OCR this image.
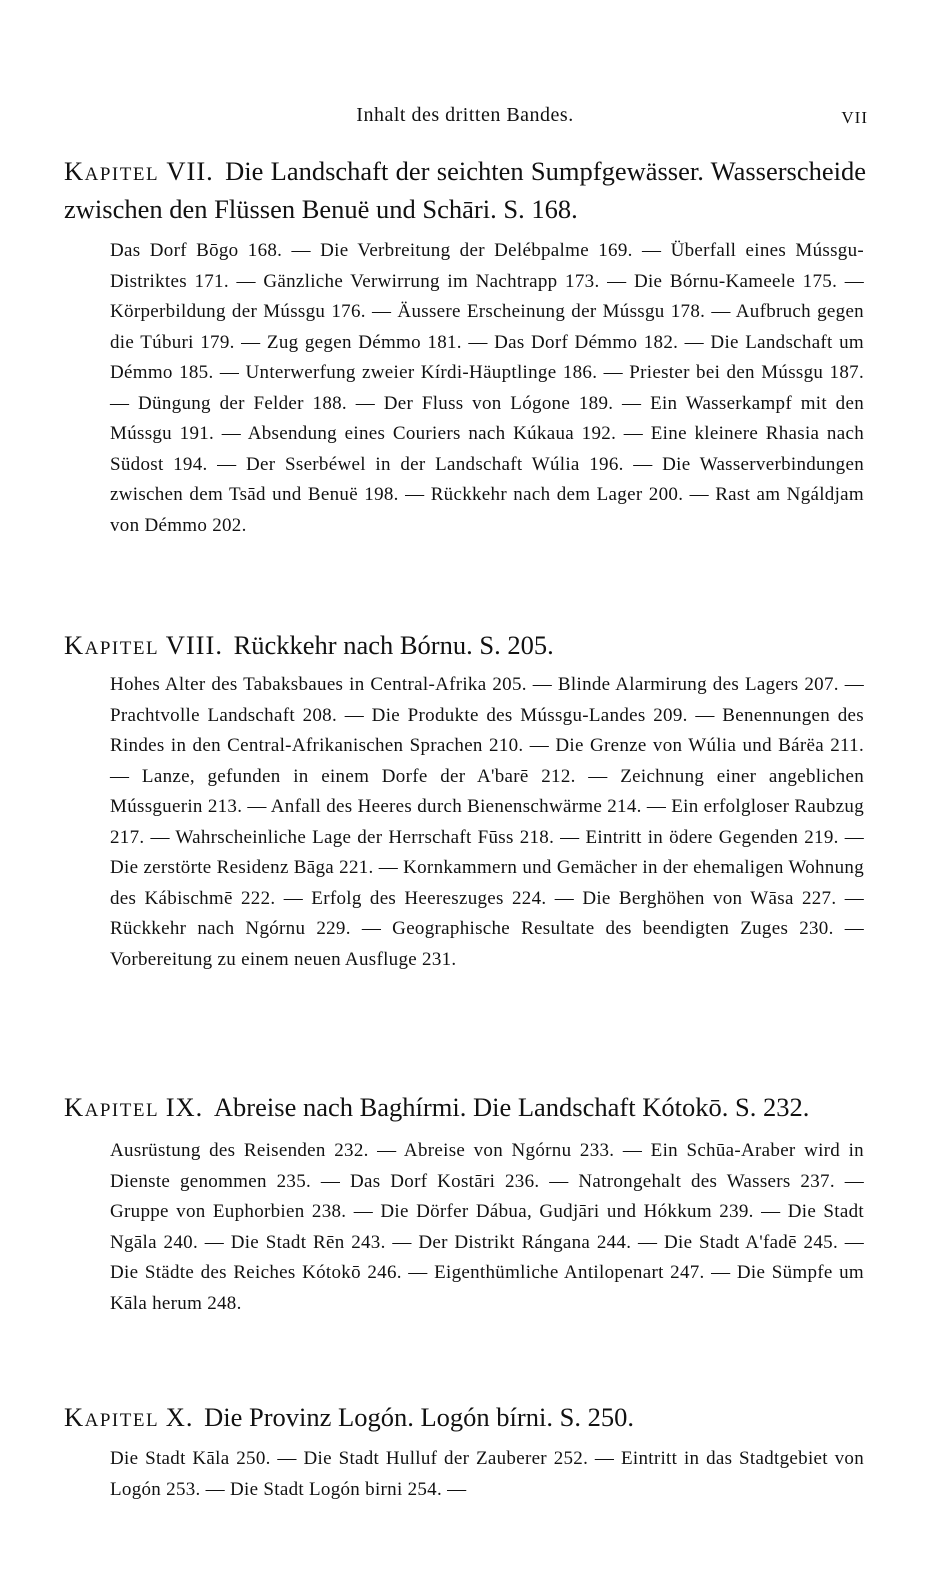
Inhalt des dritten Bandes.	VII
Kapitel VII. Die Landschaft der seichten Sumpfgewässer. Wasserscheide zwischen den Flüssen Benuë und Schāri. S. 168.
Das Dorf Bōgo 168. — Die Verbreitung der Delébpalme 169. — Überfall eines Mússgu-Distriktes 171. — Gänzliche Verwirrung im Nachtrapp 173. — Die Bórnu-Kameele 175. — Körperbildung der Mússgu 176. — Äussere Erscheinung der Mússgu 178. — Aufbruch gegen die Túburi 179. — Zug gegen Démmo 181. — Das Dorf Démmo 182. — Die Landschaft um Démmo 185. — Unterwerfung zweier Kírdi-Häuptlinge 186. — Priester bei den Mússgu 187. — Düngung der Felder 188. — Der Fluss von Lógone 189. — Ein Wasserkampf mit den Mússgu 191. — Absendung eines Couriers nach Kúkaua 192. — Eine kleinere Rhasia nach Südost 194. — Der Sserbéwel in der Landschaft Wúlia 196. — Die Wasserverbindungen zwischen dem Tsād und Benuë 198. — Rückkehr nach dem Lager 200. — Rast am Ngáldjam von Démmo 202.
Kapitel VIII. Rückkehr nach Bórnu. S. 205.
Hohes Alter des Tabaksbaues in Central-Afrika 205. — Blinde Alarmirung des Lagers 207. — Prachtvolle Landschaft 208. — Die Produkte des Mússgu-Landes 209. — Benennungen des Rindes in den Central-Afrikanischen Sprachen 210. — Die Grenze von Wúlia und Bárëa 211. — Lanze, gefunden in einem Dorfe der A'barē 212. — Zeichnung einer angeblichen Mússguerin 213. — Anfall des Heeres durch Bienenschwärme 214. — Ein erfolgloser Raubzug 217. — Wahrscheinliche Lage der Herrschaft Fūss 218. — Eintritt in ödere Gegenden 219. — Die zerstörte Residenz Bāga 221. — Kornkammern und Gemächer in der ehemaligen Wohnung des Kábischmē 222. — Erfolg des Heereszuges 224. — Die Berghöhen von Wāsa 227. — Rückkehr nach Ngórnu 229. — Geographische Resultate des beendigten Zuges 230. — Vorbereitung zu einem neuen Ausfluge 231.
Kapitel IX. Abreise nach Baghírmi. Die Landschaft Kótokō. S. 232.
Ausrüstung des Reisenden 232. — Abreise von Ngórnu 233. — Ein Schūa-Araber wird in Dienste genommen 235. — Das Dorf Kostāri 236. — Natrongehalt des Wassers 237. — Gruppe von Euphorbien 238. — Die Dörfer Dábua, Gudjāri und Hókkum 239. — Die Stadt Ngāla 240. — Die Stadt Rēn 243. — Der Distrikt Rángana 244. — Die Stadt A'fadē 245. — Die Städte des Reiches Kótokō 246. — Eigenthümliche Antilopenart 247. — Die Sümpfe um Kāla herum 248.
Kapitel X. Die Provinz Logón. Logón bírni. S. 250.
Die Stadt Kāla 250. — Die Stadt Hulluf der Zauberer 252. — Eintritt in das Stadtgebiet von Logón 253. — Die Stadt Logón birni 254. —
